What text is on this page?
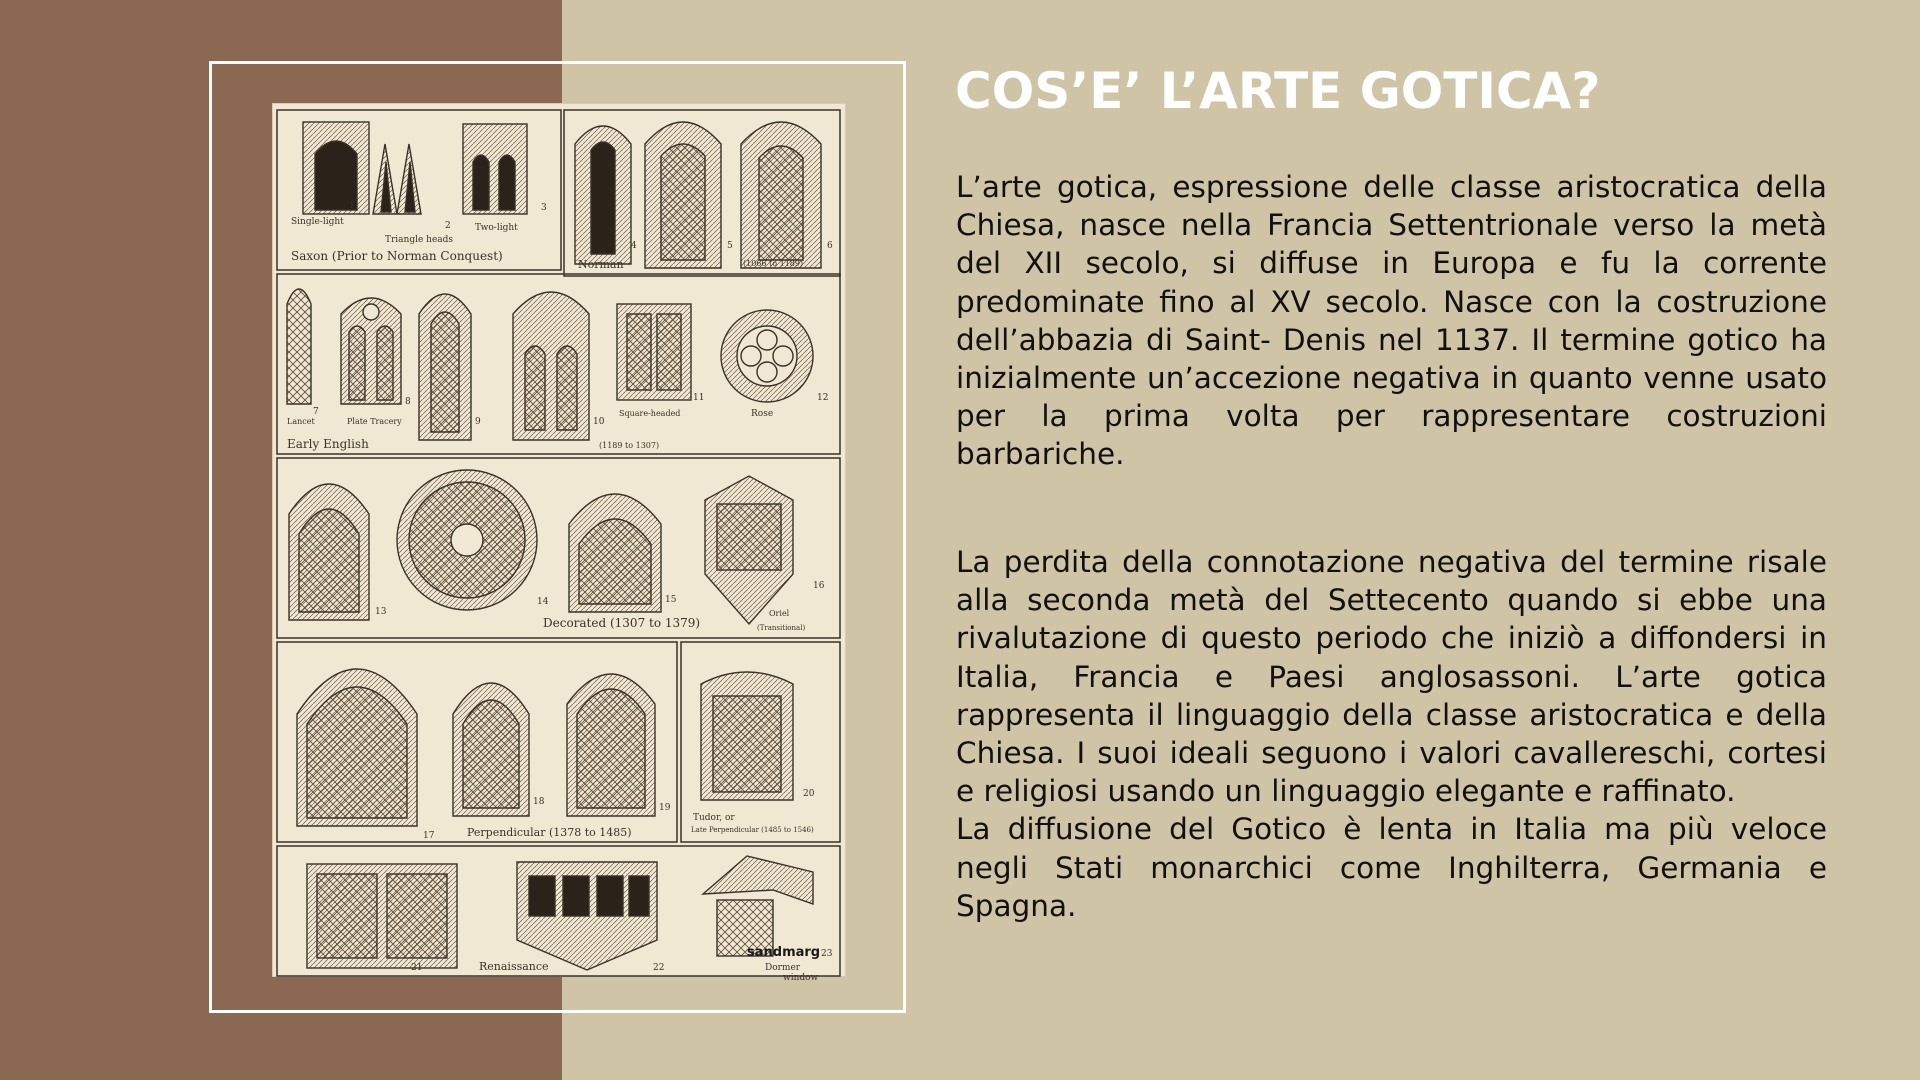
Single-light
Triangle heads
Two-light
Saxon (Prior to Norman Conquest)
Norman	(1066 to 1189)
Lancet	Plate Tracery
Square-headed	Rose
Early English	(1189 to 1307)
Decorated (1307 to 1379)
Oriel
(Transitional)
Perpendicular (1378 to 1485)
Tudor, or
Late Perpendicular (1485 to 1546)
Renaissance	Dormer
window
sandmarg
1
2
3
4	5	6
7
8
9	10
11	12
13
14	15
16
17
18
19
20
21	22
23
COS’E’ L’ARTE GOTICA?
L’arte gotica, espressione delle classe aristocratica della Chiesa, nasce nella Francia Settentrionale verso la metà del XII secolo, si diffuse in Europa e fu la corrente predominate fino al XV secolo. Nasce con la costruzione dell’abbazia di Saint- Denis nel 1137. Il termine gotico ha inizialmente un’accezione negativa in quanto venne usato per la prima volta per rappresentare costruzioni barbariche.

La perdita della connotazione negativa del termine risale alla seconda metà del Settecento quando si ebbe una rivalutazione di questo periodo che iniziò a diffondersi in Italia, Francia e Paesi anglosassoni. L’arte gotica rappresenta il linguaggio della classe aristocratica e della Chiesa. I suoi ideali seguono i valori cavallereschi, cortesi e religiosi usando un linguaggio elegante e raffinato.

La diffusione del Gotico è lenta in Italia ma più veloce negli Stati monarchici come Inghilterra, Germania e Spagna.
